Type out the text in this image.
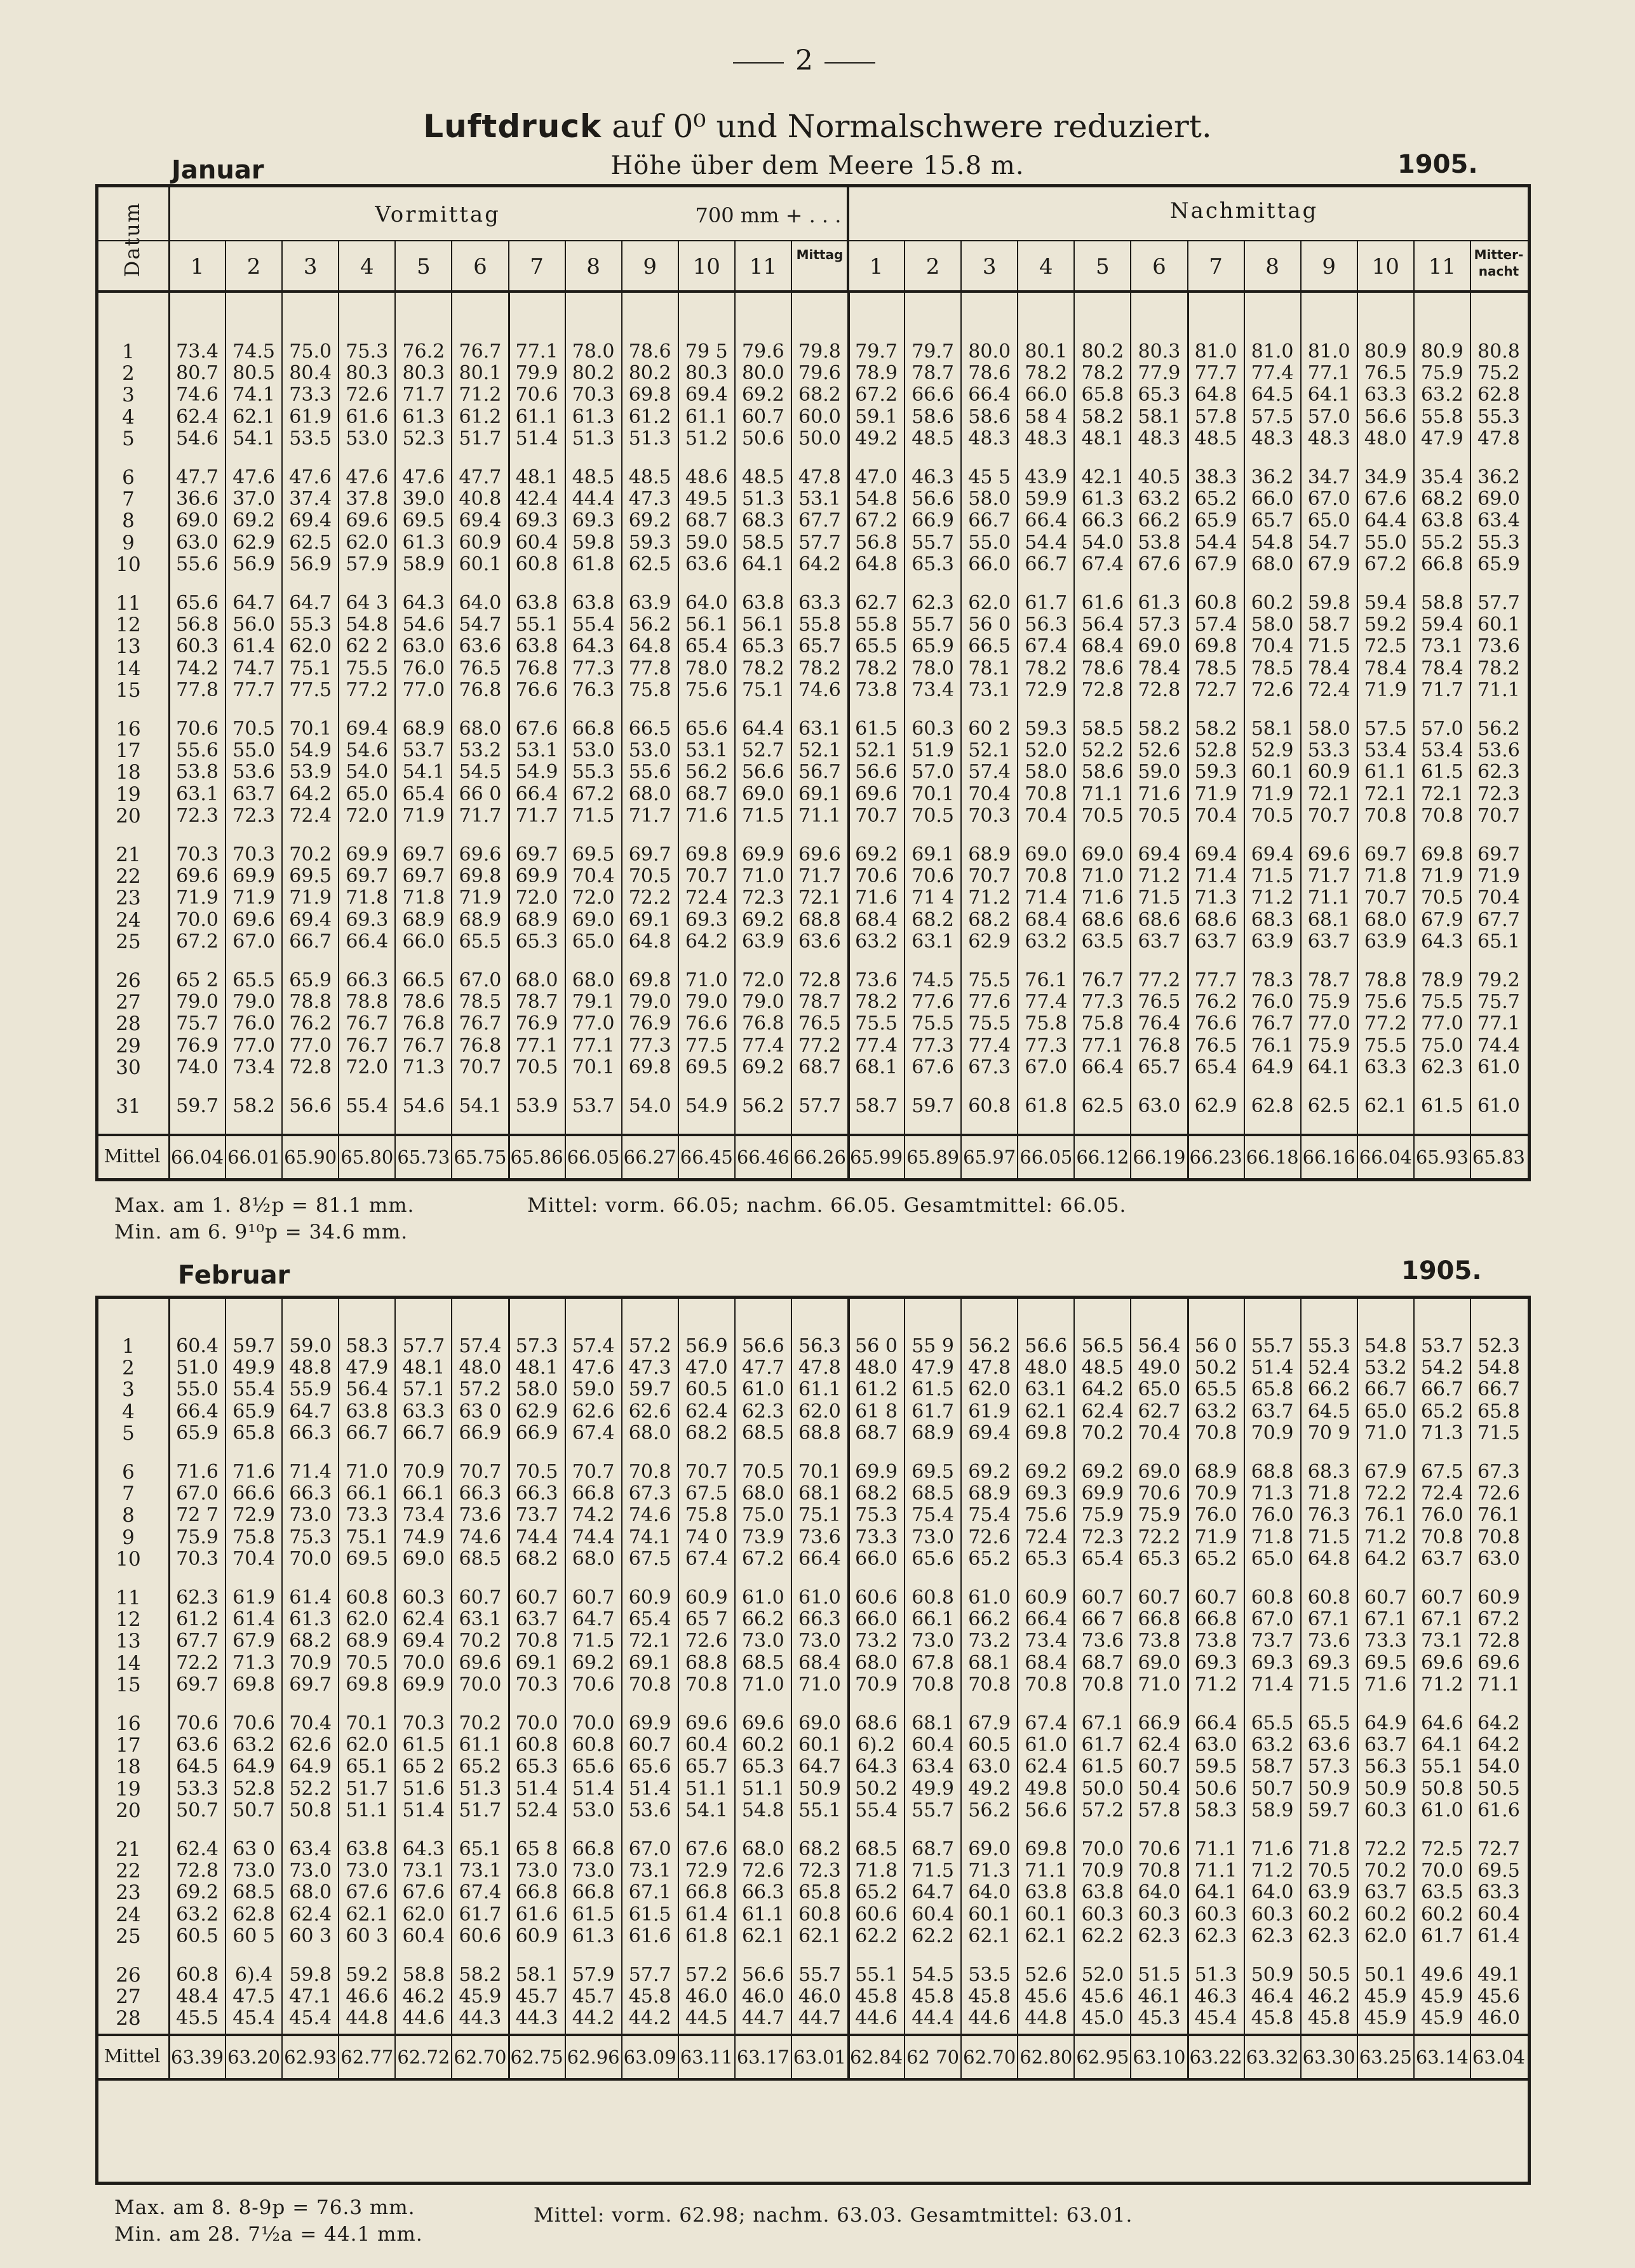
2
Luftdruck auf 0⁰ und Normalschwere reduziert.
Höhe über dem Meere 15.8 m.
Januar	1905.
Max. am 1. 8½p = 81.1 mm.
Min. am 6. 9¹⁰p = 34.6 mm.
Mittel: vorm. 66.05; nachm. 66.05. Gesamtmittel: 66.05.
Februar	1905.
Max. am 8. 8-9p = 76.3 mm.
Min. am 28. 7½a = 44.1 mm.
Mittel: vorm. 62.98; nachm. 63.03. Gesamtmittel: 63.01.
Datum	Vormittag	700 mm + . . .	Nachmittag
1	2	3	4	5	6	7	8	9	10	11	Mittag	1	2	3	4	5	6	7	8	9	10	11	Mitter-
nacht
1	73.4 74.5 75.0 75.3 76.2 76.7 77.1 78.0 78.6 79 5 79.6 79.8 79.7 79.7 80.0 80.1 80.2 80.3 81.0 81.0 81.0 80.9 80.9 80.8
2	80.7 80.5 80.4 80.3 80.3 80.1 79.9 80.2 80.2 80.3 80.0 79.6 78.9 78.7 78.6 78.2 78.2 77.9 77.7 77.4 77.1 76.5 75.9 75.2
3	74.6 74.1 73.3 72.6 71.7 71.2 70.6 70.3 69.8 69.4 69.2 68.2 67.2 66.6 66.4 66.0 65.8 65.3 64.8 64.5 64.1 63.3 63.2 62.8
4	62.4 62.1 61.9 61.6 61.3 61.2 61.1 61.3 61.2 61.1 60.7 60.0 59.1 58.6 58.6 58 4 58.2 58.1 57.8 57.5 57.0 56.6 55.8 55.3
5	54.6 54.1 53.5 53.0 52.3 51.7 51.4 51.3 51.3 51.2 50.6 50.0 49.2 48.5 48.3 48.3 48.1 48.3 48.5 48.3 48.3 48.0 47.9 47.8
6	47.7 47.6 47.6 47.6 47.6 47.7 48.1 48.5 48.5 48.6 48.5 47.8 47.0 46.3 45 5 43.9 42.1 40.5 38.3 36.2 34.7 34.9 35.4 36.2
7	36.6 37.0 37.4 37.8 39.0 40.8 42.4 44.4 47.3 49.5 51.3 53.1 54.8 56.6 58.0 59.9 61.3 63.2 65.2 66.0 67.0 67.6 68.2 69.0
8	69.0 69.2 69.4 69.6 69.5 69.4 69.3 69.3 69.2 68.7 68.3 67.7 67.2 66.9 66.7 66.4 66.3 66.2 65.9 65.7 65.0 64.4 63.8 63.4
9	63.0 62.9 62.5 62.0 61.3 60.9 60.4 59.8 59.3 59.0 58.5 57.7 56.8 55.7 55.0 54.4 54.0 53.8 54.4 54.8 54.7 55.0 55.2 55.3
10	55.6 56.9 56.9 57.9 58.9 60.1 60.8 61.8 62.5 63.6 64.1 64.2 64.8 65.3 66.0 66.7 67.4 67.6 67.9 68.0 67.9 67.2 66.8 65.9
11	65.6 64.7 64.7 64 3 64.3 64.0 63.8 63.8 63.9 64.0 63.8 63.3 62.7 62.3 62.0 61.7 61.6 61.3 60.8 60.2 59.8 59.4 58.8 57.7
12	56.8 56.0 55.3 54.8 54.6 54.7 55.1 55.4 56.2 56.1 56.1 55.8 55.8 55.7 56 0 56.3 56.4 57.3 57.4 58.0 58.7 59.2 59.4 60.1
13	60.3 61.4 62.0 62 2 63.0 63.6 63.8 64.3 64.8 65.4 65.3 65.7 65.5 65.9 66.5 67.4 68.4 69.0 69.8 70.4 71.5 72.5 73.1 73.6
14	74.2 74.7 75.1 75.5 76.0 76.5 76.8 77.3 77.8 78.0 78.2 78.2 78.2 78.0 78.1 78.2 78.6 78.4 78.5 78.5 78.4 78.4 78.4 78.2
15	77.8 77.7 77.5 77.2 77.0 76.8 76.6 76.3 75.8 75.6 75.1 74.6 73.8 73.4 73.1 72.9 72.8 72.8 72.7 72.6 72.4 71.9 71.7 71.1
16	70.6 70.5 70.1 69.4 68.9 68.0 67.6 66.8 66.5 65.6 64.4 63.1 61.5 60.3 60 2 59.3 58.5 58.2 58.2 58.1 58.0 57.5 57.0 56.2
17	55.6 55.0 54.9 54.6 53.7 53.2 53.1 53.0 53.0 53.1 52.7 52.1 52.1 51.9 52.1 52.0 52.2 52.6 52.8 52.9 53.3 53.4 53.4 53.6
18	53.8 53.6 53.9 54.0 54.1 54.5 54.9 55.3 55.6 56.2 56.6 56.7 56.6 57.0 57.4 58.0 58.6 59.0 59.3 60.1 60.9 61.1 61.5 62.3
19	63.1 63.7 64.2 65.0 65.4 66 0 66.4 67.2 68.0 68.7 69.0 69.1 69.6 70.1 70.4 70.8 71.1 71.6 71.9 71.9 72.1 72.1 72.1 72.3
20	72.3 72.3 72.4 72.0 71.9 71.7 71.7 71.5 71.7 71.6 71.5 71.1 70.7 70.5 70.3 70.4 70.5 70.5 70.4 70.5 70.7 70.8 70.8 70.7
21	70.3 70.3 70.2 69.9 69.7 69.6 69.7 69.5 69.7 69.8 69.9 69.6 69.2 69.1 68.9 69.0 69.0 69.4 69.4 69.4 69.6 69.7 69.8 69.7
22	69.6 69.9 69.5 69.7 69.7 69.8 69.9 70.4 70.5 70.7 71.0 71.7 70.6 70.6 70.7 70.8 71.0 71.2 71.4 71.5 71.7 71.8 71.9 71.9
23	71.9 71.9 71.9 71.8 71.8 71.9 72.0 72.0 72.2 72.4 72.3 72.1 71.6 71 4 71.2 71.4 71.6 71.5 71.3 71.2 71.1 70.7 70.5 70.4
24	70.0 69.6 69.4 69.3 68.9 68.9 68.9 69.0 69.1 69.3 69.2 68.8 68.4 68.2 68.2 68.4 68.6 68.6 68.6 68.3 68.1 68.0 67.9 67.7
25	67.2 67.0 66.7 66.4 66.0 65.5 65.3 65.0 64.8 64.2 63.9 63.6 63.2 63.1 62.9 63.2 63.5 63.7 63.7 63.9 63.7 63.9 64.3 65.1
26	65 2 65.5 65.9 66.3 66.5 67.0 68.0 68.0 69.8 71.0 72.0 72.8 73.6 74.5 75.5 76.1 76.7 77.2 77.7 78.3 78.7 78.8 78.9 79.2
27	79.0 79.0 78.8 78.8 78.6 78.5 78.7 79.1 79.0 79.0 79.0 78.7 78.2 77.6 77.6 77.4 77.3 76.5 76.2 76.0 75.9 75.6 75.5 75.7
28	75.7 76.0 76.2 76.7 76.8 76.7 76.9 77.0 76.9 76.6 76.8 76.5 75.5 75.5 75.5 75.8 75.8 76.4 76.6 76.7 77.0 77.2 77.0 77.1
29	76.9 77.0 77.0 76.7 76.7 76.8 77.1 77.1 77.3 77.5 77.4 77.2 77.4 77.3 77.4 77.3 77.1 76.8 76.5 76.1 75.9 75.5 75.0 74.4
30	74.0 73.4 72.8 72.0 71.3 70.7 70.5 70.1 69.8 69.5 69.2 68.7 68.1 67.6 67.3 67.0 66.4 65.7 65.4 64.9 64.1 63.3 62.3 61.0
31	59.7 58.2 56.6 55.4 54.6 54.1 53.9 53.7 54.0 54.9 56.2 57.7 58.7 59.7 60.8 61.8 62.5 63.0 62.9 62.8 62.5 62.1 61.5 61.0
Mittel 66.04 66.01 65.90 65.80 65.73 65.75 65.86 66.05 66.27 66.45 66.46 66.26 65.99 65.89 65.97 66.05 66.12 66.19 66.23 66.18 66.16 66.04 65.93 65.83
1	60.4 59.7 59.0 58.3 57.7 57.4 57.3 57.4 57.2 56.9 56.6 56.3 56 0 55 9 56.2 56.6 56.5 56.4 56 0 55.7 55.3 54.8 53.7 52.3
2	51.0 49.9 48.8 47.9 48.1 48.0 48.1 47.6 47.3 47.0 47.7 47.8 48.0 47.9 47.8 48.0 48.5 49.0 50.2 51.4 52.4 53.2 54.2 54.8
3	55.0 55.4 55.9 56.4 57.1 57.2 58.0 59.0 59.7 60.5 61.0 61.1 61.2 61.5 62.0 63.1 64.2 65.0 65.5 65.8 66.2 66.7 66.7 66.7
4	66.4 65.9 64.7 63.8 63.3 63 0 62.9 62.6 62.6 62.4 62.3 62.0 61 8 61.7 61.9 62.1 62.4 62.7 63.2 63.7 64.5 65.0 65.2 65.8
5	65.9 65.8 66.3 66.7 66.7 66.9 66.9 67.4 68.0 68.2 68.5 68.8 68.7 68.9 69.4 69.8 70.2 70.4 70.8 70.9 70 9 71.0 71.3 71.5
6	71.6 71.6 71.4 71.0 70.9 70.7 70.5 70.7 70.8 70.7 70.5 70.1 69.9 69.5 69.2 69.2 69.2 69.0 68.9 68.8 68.3 67.9 67.5 67.3
7	67.0 66.6 66.3 66.1 66.1 66.3 66.3 66.8 67.3 67.5 68.0 68.1 68.2 68.5 68.9 69.3 69.9 70.6 70.9 71.3 71.8 72.2 72.4 72.6
8	72 7 72.9 73.0 73.3 73.4 73.6 73.7 74.2 74.6 75.8 75.0 75.1 75.3 75.4 75.4 75.6 75.9 75.9 76.0 76.0 76.3 76.1 76.0 76.1
9	75.9 75.8 75.3 75.1 74.9 74.6 74.4 74.4 74.1 74 0 73.9 73.6 73.3 73.0 72.6 72.4 72.3 72.2 71.9 71.8 71.5 71.2 70.8 70.8
10	70.3 70.4 70.0 69.5 69.0 68.5 68.2 68.0 67.5 67.4 67.2 66.4 66.0 65.6 65.2 65.3 65.4 65.3 65.2 65.0 64.8 64.2 63.7 63.0
11	62.3 61.9 61.4 60.8 60.3 60.7 60.7 60.7 60.9 60.9 61.0 61.0 60.6 60.8 61.0 60.9 60.7 60.7 60.7 60.8 60.8 60.7 60.7 60.9
12	61.2 61.4 61.3 62.0 62.4 63.1 63.7 64.7 65.4 65 7 66.2 66.3 66.0 66.1 66.2 66.4 66 7 66.8 66.8 67.0 67.1 67.1 67.1 67.2
13	67.7 67.9 68.2 68.9 69.4 70.2 70.8 71.5 72.1 72.6 73.0 73.0 73.2 73.0 73.2 73.4 73.6 73.8 73.8 73.7 73.6 73.3 73.1 72.8
14	72.2 71.3 70.9 70.5 70.0 69.6 69.1 69.2 69.1 68.8 68.5 68.4 68.0 67.8 68.1 68.4 68.7 69.0 69.3 69.3 69.3 69.5 69.6 69.6
15	69.7 69.8 69.7 69.8 69.9 70.0 70.3 70.6 70.8 70.8 71.0 71.0 70.9 70.8 70.8 70.8 70.8 71.0 71.2 71.4 71.5 71.6 71.2 71.1
16	70.6 70.6 70.4 70.1 70.3 70.2 70.0 70.0 69.9 69.6 69.6 69.0 68.6 68.1 67.9 67.4 67.1 66.9 66.4 65.5 65.5 64.9 64.6 64.2
17	63.6 63.2 62.6 62.0 61.5 61.1 60.8 60.8 60.7 60.4 60.2 60.1 6).2 60.4 60.5 61.0 61.7 62.4 63.0 63.2 63.6 63.7 64.1 64.2
18	64.5 64.9 64.9 65.1 65 2 65.2 65.3 65.6 65.6 65.7 65.3 64.7 64.3 63.4 63.0 62.4 61.5 60.7 59.5 58.7 57.3 56.3 55.1 54.0
19	53.3 52.8 52.2 51.7 51.6 51.3 51.4 51.4 51.4 51.1 51.1 50.9 50.2 49.9 49.2 49.8 50.0 50.4 50.6 50.7 50.9 50.9 50.8 50.5
20	50.7 50.7 50.8 51.1 51.4 51.7 52.4 53.0 53.6 54.1 54.8 55.1 55.4 55.7 56.2 56.6 57.2 57.8 58.3 58.9 59.7 60.3 61.0 61.6
21	62.4 63 0 63.4 63.8 64.3 65.1 65 8 66.8 67.0 67.6 68.0 68.2 68.5 68.7 69.0 69.8 70.0 70.6 71.1 71.6 71.8 72.2 72.5 72.7
22	72.8 73.0 73.0 73.0 73.1 73.1 73.0 73.0 73.1 72.9 72.6 72.3 71.8 71.5 71.3 71.1 70.9 70.8 71.1 71.2 70.5 70.2 70.0 69.5
23	69.2 68.5 68.0 67.6 67.6 67.4 66.8 66.8 67.1 66.8 66.3 65.8 65.2 64.7 64.0 63.8 63.8 64.0 64.1 64.0 63.9 63.7 63.5 63.3
24	63.2 62.8 62.4 62.1 62.0 61.7 61.6 61.5 61.5 61.4 61.1 60.8 60.6 60.4 60.1 60.1 60.3 60.3 60.3 60.3 60.2 60.2 60.2 60.4
25	60.5 60 5 60 3 60 3 60.4 60.6 60.9 61.3 61.6 61.8 62.1 62.1 62.2 62.2 62.1 62.1 62.2 62.3 62.3 62.3 62.3 62.0 61.7 61.4
26	60.8 6).4 59.8 59.2 58.8 58.2 58.1 57.9 57.7 57.2 56.6 55.7 55.1 54.5 53.5 52.6 52.0 51.5 51.3 50.9 50.5 50.1 49.6 49.1
27	48.4 47.5 47.1 46.6 46.2 45.9 45.7 45.7 45.8 46.0 46.0 46.0 45.8 45.8 45.8 45.6 45.6 46.1 46.3 46.4 46.2 45.9 45.9 45.6
28	45.5 45.4 45.4 44.8 44.6 44.3 44.3 44.2 44.2 44.5 44.7 44.7 44.6 44.4 44.6 44.8 45.0 45.3 45.4 45.8 45.8 45.9 45.9 46.0
Mittel 63.39 63.20 62.93 62.77 62.72 62.70 62.75 62.96 63.09 63.11 63.17 63.01 62.84 62 70 62.70 62.80 62.95 63.10 63.22 63.32 63.30 63.25 63.14 63.04
